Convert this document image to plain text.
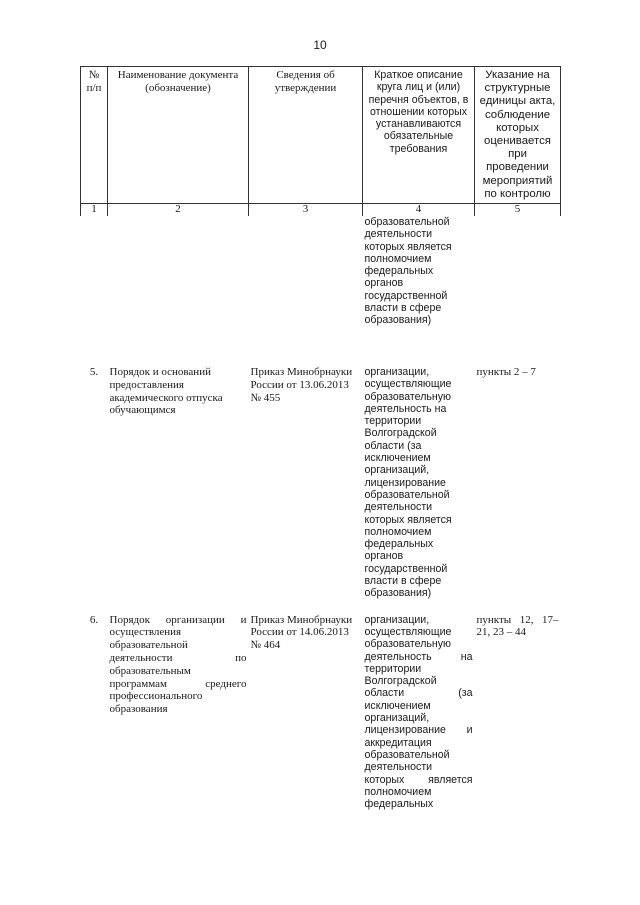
10
№ п/п	Наименование документа (обозначение)	Сведения об утверждении	Краткое описание круга лиц и (или) перечня объектов, в отношении которых устанавливаются обязательные требования	Указание на структурные единицы акта, соблюдение которых оценивается при проведении мероприятий по контролю
1	2	3	4	5
			образовательной деятельности которых является полномочием федеральных органов государственной власти в сфере образования)	

5.	Порядок и оснований предоставления академического отпуска обучающимся	Приказ Минобрнауки России от 13.06.2013 № 455	организации, осуществляющие образовательную деятельность на территории Волгоградской области (за исключением организаций, лицензирование образовательной деятельности которых является полномочием федеральных органов государственной власти в сфере образования)	пункты 2 – 7

6.	Порядок организации и осуществления образовательной деятельности по образовательным программам среднего профессионального образования	Приказ Минобрнауки России от 14.06.2013 № 464	организации, осуществляющие образовательную деятельность на территории Волгоградской области (за исключением организаций, лицензирование и аккредитация образовательной деятельности которых является полномочием федеральных	пункты 12, 17–21, 23 – 44
